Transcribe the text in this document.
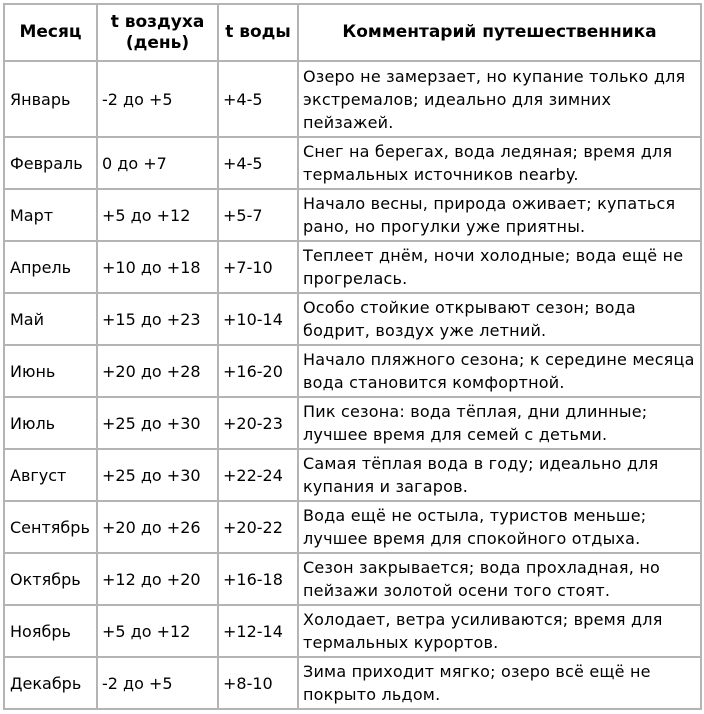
Месяц	t воздуха (день)	t воды	Комментарий путешественника
Январь	-2 до +5	+4-5	Озеро не замерзает, но купание только для экстремалов; идеально для зимних пейзажей.
Февраль	0 до +7	+4-5	Снег на берегах, вода ледяная; время для термальных источников nearby.
Март	+5 до +12	+5-7	Начало весны, природа оживает; купаться рано, но прогулки уже приятны.
Апрель	+10 до +18	+7-10	Теплеет днём, ночи холодные; вода ещё не прогрелась.
Май	+15 до +23	+10-14	Особо стойкие открывают сезон; вода бодрит, воздух уже летний.
Июнь	+20 до +28	+16-20	Начало пляжного сезона; к середине месяца вода становится комфортной.
Июль	+25 до +30	+20-23	Пик сезона: вода тёплая, дни длинные; лучшее время для семей с детьми.
Август	+25 до +30	+22-24	Самая тёплая вода в году; идеально для купания и загаров.
Сентябрь	+20 до +26	+20-22	Вода ещё не остыла, туристов меньше; лучшее время для спокойного отдыха.
Октябрь	+12 до +20	+16-18	Сезон закрывается; вода прохладная, но пейзажи золотой осени того стоят.
Ноябрь	+5 до +12	+12-14	Холодает, ветра усиливаются; время для термальных курортов.
Декабрь	-2 до +5	+8-10	Зима приходит мягко; озеро всё ещё не покрыто льдом.
